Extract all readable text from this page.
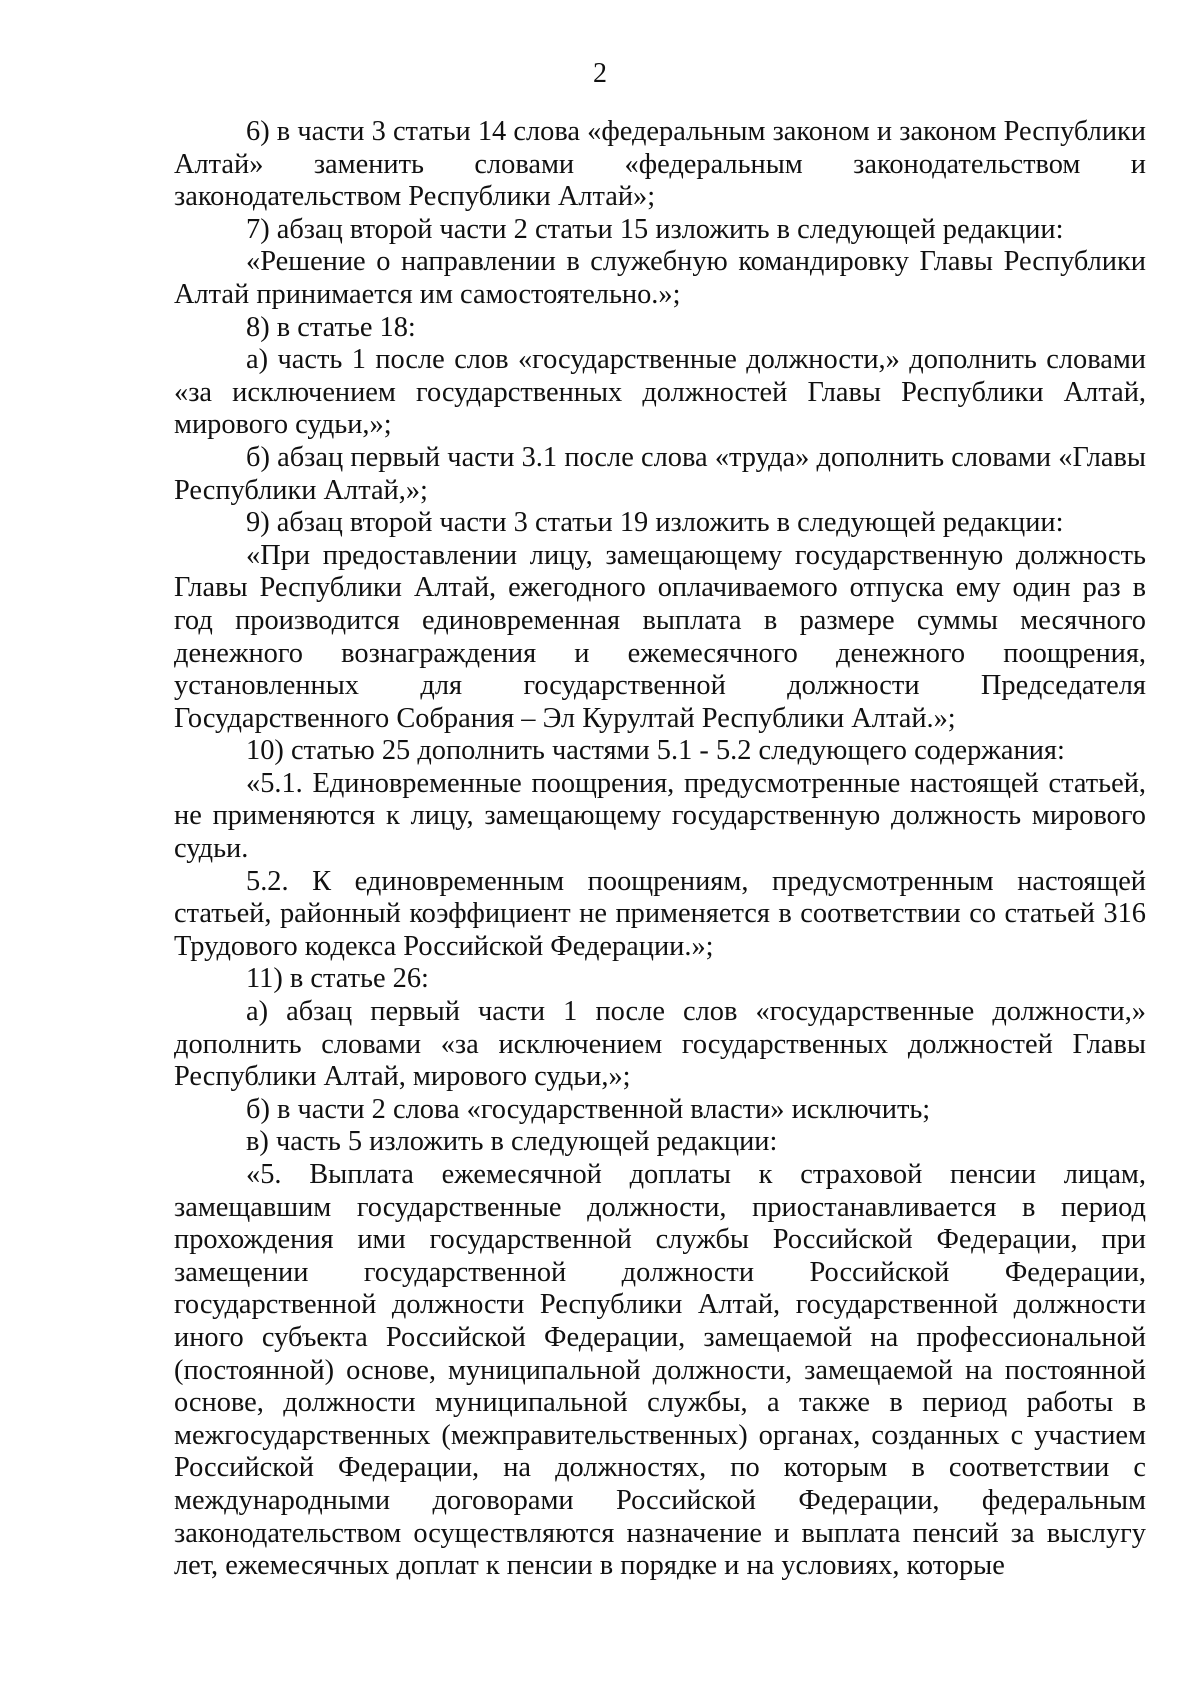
2

6) в части 3 статьи 14 слова «федеральным законом и законом Республики Алтай» заменить словами «федеральным законодательством и законодательством Республики Алтай»;

7) абзац второй части 2 статьи 15 изложить в следующей редакции:

«Решение о направлении в служебную командировку Главы Республики Алтай принимается им самостоятельно.»;

8) в статье 18:

а) часть 1 после слов «государственные должности,» дополнить словами «за исключением государственных должностей Главы Республики Алтай, мирового судьи,»;

б) абзац первый части 3.1 после слова «труда» дополнить словами «Главы Республики Алтай,»;

9) абзац второй части 3 статьи 19 изложить в следующей редакции:

«При предоставлении лицу, замещающему государственную должность Главы Республики Алтай, ежегодного оплачиваемого отпуска ему один раз в год производится единовременная выплата в размере суммы месячного денежного вознаграждения и ежемесячного денежного поощрения, установленных для государственной должности Председателя Государственного Собрания – Эл Курултай Республики Алтай.»;

10) статью 25 дополнить частями 5.1 - 5.2 следующего содержания:

«5.1. Единовременные поощрения, предусмотренные настоящей статьей, не применяются к лицу, замещающему государственную должность мирового судьи.

5.2. К единовременным поощрениям, предусмотренным настоящей статьей, районный коэффициент не применяется в соответствии со статьей 316 Трудового кодекса Российской Федерации.»;

11) в статье 26:

а) абзац первый части 1 после слов «государственные должности,» дополнить словами «за исключением государственных должностей Главы Республики Алтай, мирового судьи,»;

б) в части 2 слова «государственной власти» исключить;

в) часть 5 изложить в следующей редакции:

«5. Выплата ежемесячной доплаты к страховой пенсии лицам, замещавшим государственные должности, приостанавливается в период прохождения ими государственной службы Российской Федерации, при замещении государственной должности Российской Федерации, государственной должности Республики Алтай, государственной должности иного субъекта Российской Федерации, замещаемой на профессиональной (постоянной) основе, муниципальной должности, замещаемой на постоянной основе, должности муниципальной службы, а также в период работы в межгосударственных (межправительственных) органах, созданных с участием Российской Федерации, на должностях, по которым в соответствии с международными договорами Российской Федерации, федеральным законодательством осуществляются назначение и выплата пенсий за выслугу лет, ежемесячных доплат к пенсии в порядке и на условиях, которые
